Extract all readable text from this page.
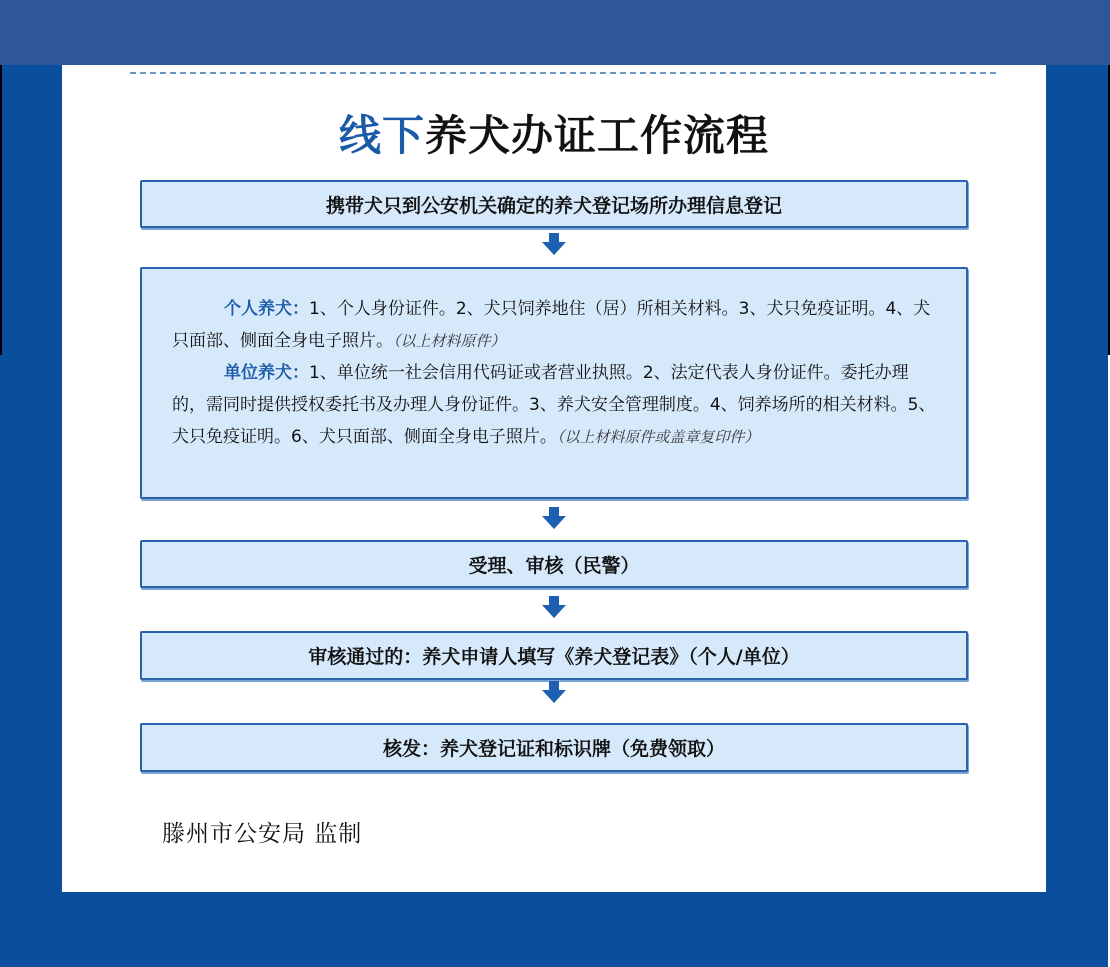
线下养犬办证工作流程
携带犬只到公安机关确定的养犬登记场所办理信息登记

个人养犬：1、个人身份证件。2、犬只饲养地住（居）所相关材料。3、犬只免疫证明。4、犬只面部、侧面全身电子照片。（以上材料原件）

单位养犬：1、单位统一社会信用代码证或者营业执照。2、法定代表人身份证件。委托办理的，需同时提供授权委托书及办理人身份证件。3、养犬安全管理制度。4、饲养场所的相关材料。5、犬只免疫证明。6、犬只面部、侧面全身电子照片。（以上材料原件或盖章复印件）

受理、审核（民警）
审核通过的：养犬申请人填写《养犬登记表》（个人/单位）
核发：养犬登记证和标识牌（免费领取）
滕州市公安局 监制
